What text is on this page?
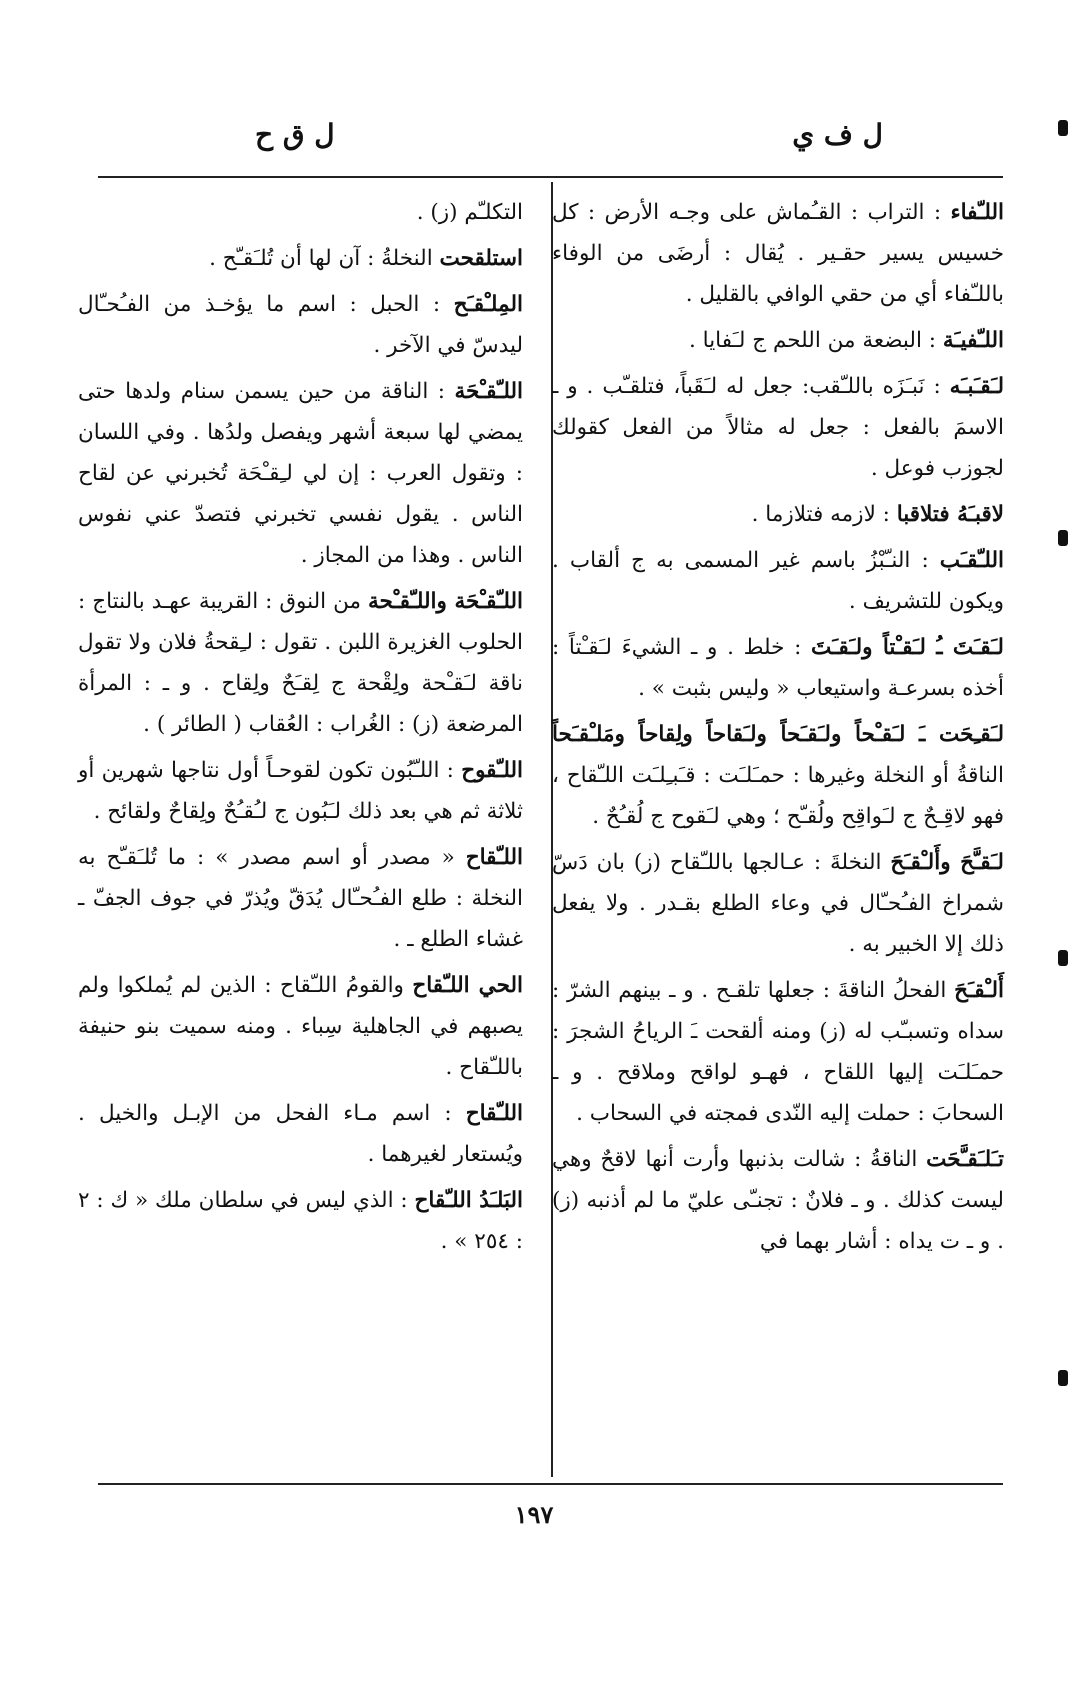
ل ف ي
ل ق ح

اللـّفاء : التراب : القـُماش على وجـه الأرض : كل خسيس يسير حقـير . يُقال : أرضَى من الوفاء باللـّفاء أي من حقي الوافي بالقليل .

اللـّفيـَة : البضعة من اللحم ج لـَفايا .

لـَقـَبـَه : نَبـَزَه باللـّقب: جعل له لـَقَباً، فتلقـّب . و ـ الاسمَ بالفعل : جعل له مثالاً من الفعل كقولك لجوزب فوعل .

لاقبـَهُ فتلاقبا : لازمه فتلازما .

اللـّقـَب : النـّبْزُ باسم غير المسمى به ج ألقاب . ويكون للتشريف .

لـَقـَتَ ـُ لـَقـْتاً ولـَقـَتَ : خلط . و ـ الشيءَ لـَقـْتاً : أخذه بسرعـة واستيعاب « وليس بثبت » .

لـَقـِحَت ـَ لـَقـْحاً ولـَقـَحاً ولـَقاحاً ولِقاحاً ومَلـْقـَحاً الناقةُ أو النخلة وغيرها : حمـَلـَت : قـَبـِلـَت اللـّقاح ، فهو لاقِـحٌ ج لـَواقِح ولُقـّح ؛ وهي لـَقوح ج لُقـُحٌ .

لـَقـَّحَ وأَلـْقـَحَ النخلةَ : عـالجها باللـّقاح (ز) بان دَسّ شمراخ الفـُحـّال في وعاء الطلع بقـدر . ولا يفعل ذلك إلا الخبير به .

أَلـْقـَحَ الفحلُ الناقةَ : جعلها تلقـح . و ـ بينهم الشرّ : سداه وتسبـّب له (ز) ومنه ألقحت ـَ الرياحُ الشجرَ : حمـَلـَت إليها اللقاح ، فهـو لواقح وملاقح . و ـ السحابَ : حملت إليه النّدى فمجته في السحاب .

تـَلـَقـَّحَت الناقةُ : شالت بذنبها وأرت أنها لاقحٌ وهي ليست كذلك . و ـ فلانٌ : تجنـّى عليّ ما لم أذنبه (ز) . و ـ ت يداه : أشار بهما في

التكلـّم (ز) .

استلقحت النخلةُ : آن لها أن تُلـَقـّح .

المِلـْقـَح : الحبل : اسم ما يؤخـذ من الفـُحـّال ليدسّ في الآخر .

اللـّقـْحَة : الناقة من حين يسمن سنام ولدها حتى يمضي لها سبعة أشهر ويفصل ولدُها . وفي اللسان : وتقول العرب : إن لي لـِقـْحَة تُخبرني عن لقاح الناس . يقول نفسي تخبرني فتصدّ عني نفوس الناس . وهذا من المجاز .

اللـّقـْحَة واللـّقـْحة من النوق : القريبة عهـد بالنتاج : الحلوب الغزيرة اللبن . تقول : لـِقحةُ فلان ولا تقول ناقة لـَقـْحة ولِقْحة ج لِقـَحٌ ولِقاح . و ـ : المرأة المرضعة (ز) : الغُراب : العُقاب ( الطائر ) .

اللـّقوح : اللـّبُون تكون لقوحـاً أول نتاجها شهرين أو ثلاثة ثم هي بعد ذلك لـَبُون ج لـُقـُحٌ ولِقاحٌ ولقائح .

اللـّقاح « مصدر أو اسم مصدر » : ما تُلـَقـّح به النخلة : طلع الفـُحـّال يُدَقّ ويُذرّ في جوف الجفّ ـ غشاء الطلع ـ .

الحي اللـّقاح والقومُ اللـّقاح : الذين لم يُملكوا ولم يصبهم في الجاهلية سِباء . ومنه سميت بنو حنيفة باللـّقاح .

اللـّقاح : اسم مـاء الفحل من الإبـل والخيل . ويُستعار لغيرهما .

البَلـَدُ اللـّقاح : الذي ليس في سلطان ملك « ك : ٢ : ٢٥٤ » .

١٩٧
